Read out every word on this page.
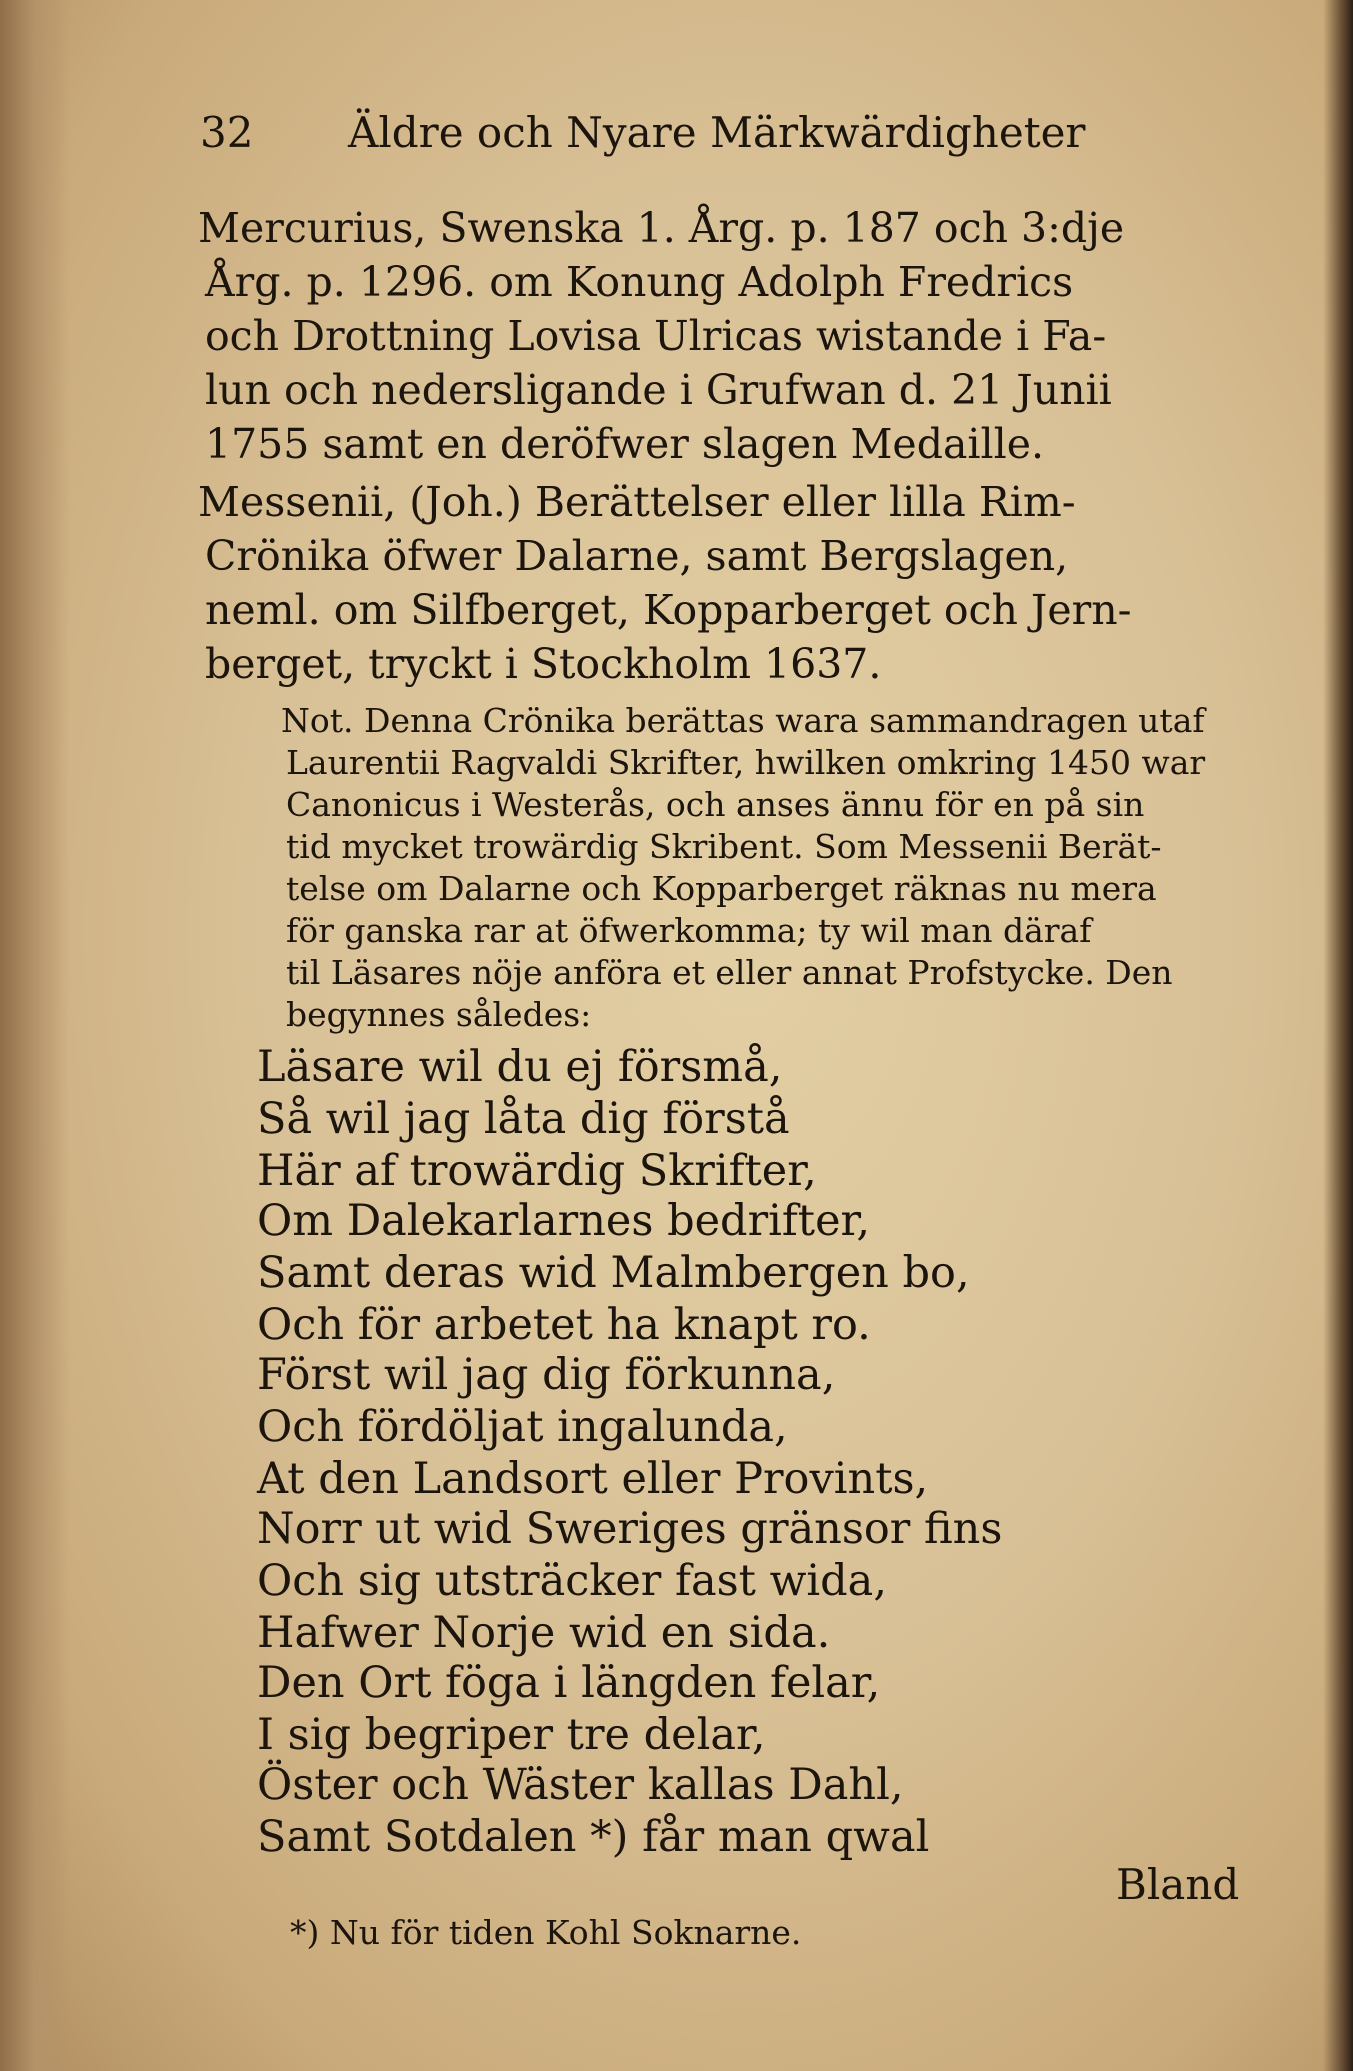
32 Äldre och Nyare Märkwärdigheter
Mercurius, Swenska 1. Årg. p. 187 och 3:dje
Årg. p. 1296. om Konung Adolph Fredrics
och Drottning Lovisa Ulricas wistande i Fa-
lun och nedersligande i Grufwan d. 21 Junii
1755 samt en deröfwer slagen Medaille.
Messenii, (Joh.) Berättelser eller lilla Rim-
Crönika öfwer Dalarne, samt Bergslagen,
neml. om Silfberget, Kopparberget och Jern-
berget, tryckt i Stockholm 1637.
Not. Denna Crönika berättas wara sammandragen utaf
Laurentii Ragvaldi Skrifter, hwilken omkring 1450 war
Canonicus i Westerås, och anses ännu för en på sin
tid mycket trowärdig Skribent. Som Messenii Berät-
telse om Dalarne och Kopparberget räknas nu mera
för ganska rar at öfwerkomma; ty wil man däraf
til Läsares nöje anföra et eller annat Profstycke. Den
begynnes således:
Läsare wil du ej försmå,
Så wil jag låta dig förstå
Här af trowärdig Skrifter,
Om Dalekarlarnes bedrifter,
Samt deras wid Malmbergen bo,
Och för arbetet ha knapt ro.
Först wil jag dig förkunna,
Och fördöljat ingalunda,
At den Landsort eller Provints,
Norr ut wid Sweriges gränsor fins
Och sig utsträcker fast wida,
Hafwer Norje wid en sida.
Den Ort föga i längden felar,
I sig begriper tre delar,
Öster och Wäster kallas Dahl,
Samt Sotdalen *) får man qwal
Bland
*) Nu för tiden Kohl Soknarne.
